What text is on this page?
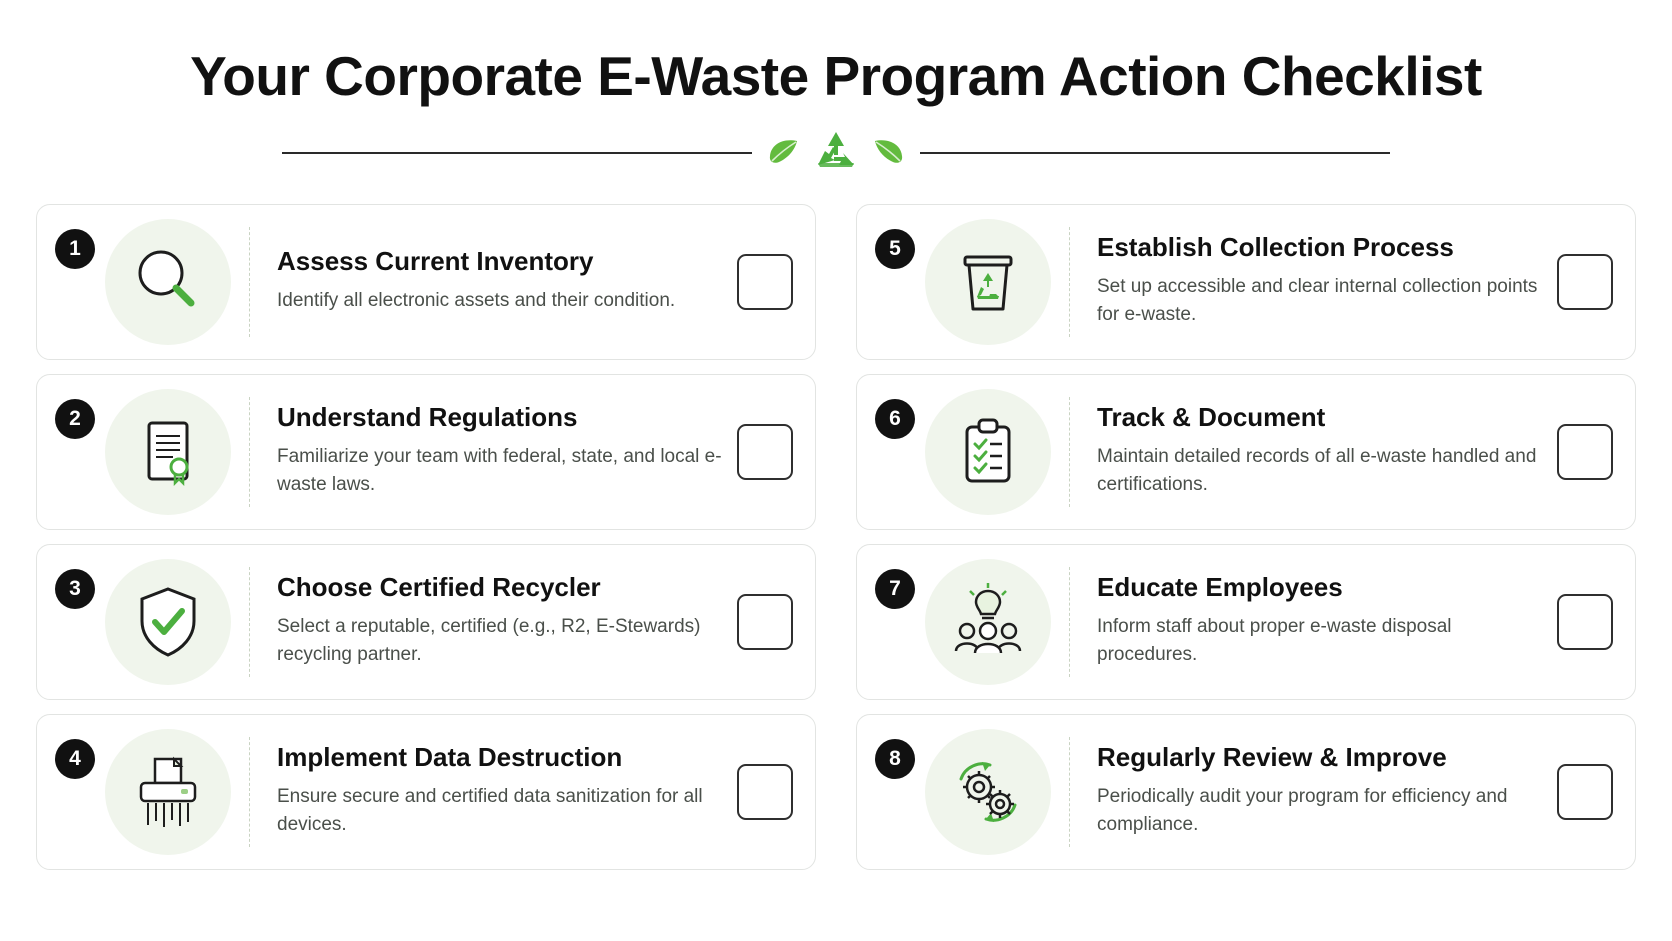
Your Corporate E-Waste Program Action Checklist
1	Assess Current Inventory
Identify all electronic assets and their condition.
5	Establish Collection Process
Set up accessible and clear internal collection points for e-waste.
2	Understand Regulations
Familiarize your team with federal, state, and local e-waste laws.
6	Track & Document
Maintain detailed records of all e-waste handled and certifications.
3	Choose Certified Recycler
Select a reputable, certified (e.g., R2, E-Stewards) recycling partner.
7	Educate Employees
Inform staff about proper e-waste disposal procedures.
4	Implement Data Destruction
Ensure secure and certified data sanitization for all devices.
8	Regularly Review & Improve
Periodically audit your program for efficiency and compliance.
